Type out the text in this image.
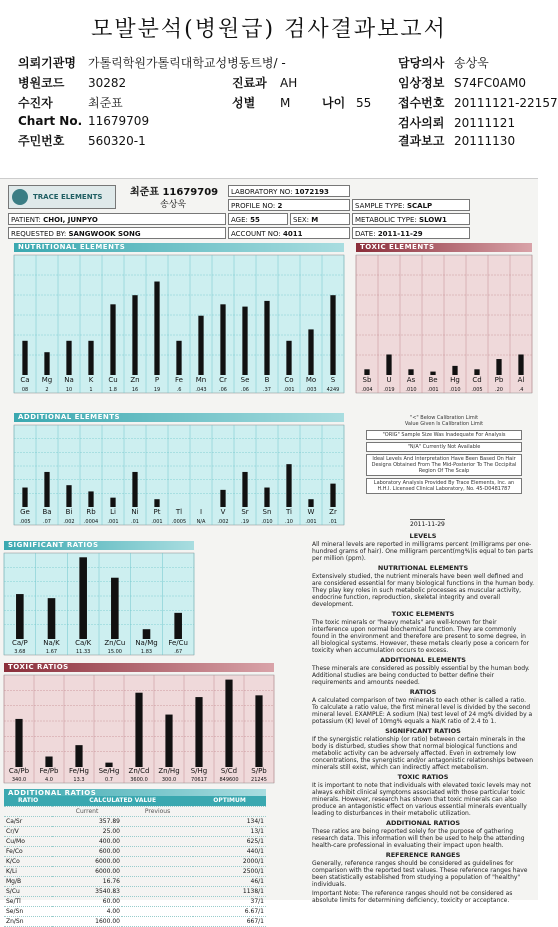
모발분석(병원급) 검사결과보고서
의뢰기관명 가톨릭학원가톨릭대학교성병동트병/ -	담당의사 송상욱
병원코드 30282	진료과 AH	임상정보 S74FC0AM0
수진자	최준표	성별 M	나이 55 접수번호 20111121-22157
Chart No. 11679709	검사의뢰 20111121
주민번호 560320-1	결과보고 20111130
TRACE ELEMENTS	최준표 11679709
송상욱
LABORATORY NO: 1072193
PROFILE NO: 2	SAMPLE TYPE: SCALP
PATIENT: CHOI, JUNPYO	AGE: 55	SEX: M	METABOLIC TYPE: SLOW1
REQUESTED BY: SANGWOOK SONG	ACCOUNT NO: 4011	DATE: 2011-11-29
NUTRITIONAL ELEMENTS	TOXIC ELEMENTS
ADDITIONAL ELEMENTS
SIGNIFICANT RATIOS
TOXIC RATIOS
ADDITIONAL RATIOS
Ca
08
Mg
2
Na
10
K
1
Cu
1.8
Zn
16
P
19
Fe
.6
Mn
.043
Cr
.06
Se
.06
B
.37
Co
.001
Mo
.003
S
4249
Sb
.004
U
.019
As
.010
Be
.001
Hg
.010
Cd
.005
Pb
.20
Al
.4
Ge
.005
Ba
.07
Bi
.002
Rb
.0004
Li
.001
Ni
.01
Pt
.001
Tl
.0005
I
N/A
V
.002
Sr
.19
Sn
.010
Ti
.10
W
.001
Zr
.01
Ca/P
3.68
Na/K
1.67
Ca/K
11.33
Zn/Cu
15.00
Na/Mg
1.83
Fe/Cu
.67
Ca/Pb
340.0
Fe/Pb
4.0
Fe/Hg
13.3
Se/Hg
0.7
Zn/Cd
3600.0
Zn/Hg
300.0
S/Hg
70617
S/Cd
849600
S/Pb
21245
"<" Below Calibration Limit
Value Given Is Calibration Limit
"ORIG" Sample Size Was Inadequate For Analysis
"N/A" Currently Not Available
Ideal Levels And Interpretation Have Been Based On Hair Designs Obtained From The Mid-Posterior To The Occipital Region Of The Scalp
Laboratory Analysis Provided By Trace Elements, Inc. an H.H.I. Licensed Clinical Laboratory, No. 45-D0481787
2011-11-29
LEVELS

All mineral levels are reported in milligrams percent (milligrams per one-hundred grams of hair). One milligram percent(mg%)is equal to ten parts per million (ppm).

NUTRITIONAL ELEMENTS

Extensively studied, the nutrient minerals have been well defined and are considered essential for many biological functions in the human body. They play key roles in such metabolic processes as muscular activity, endocrine function, reproduction, skeletal integrity and overall development.

TOXIC ELEMENTS

The toxic minerals or "heavy metals" are well-known for their interference upon normal biochemical function. They are commonly found in the environment and therefore are present to some degree, in all biological systems. However, these metals clearly pose a concern for toxicity when accumulation occurs to excess.

ADDITIONAL ELEMENTS

These minerals are considered as possibly essential by the human body. Additional studies are being conducted to better define their requirements and amounts needed.

RATIOS

A calculated comparison of two minerals to each other is called a ratio. To calculate a ratio value, the first mineral level is divided by the second mineral level. EXAMPLE: A sodium (Na) test level of 24 mg% divided by a potassium (K) level of 10mg% equals a Na/K ratio of 2.4 to 1.

SIGNIFICANT RATIOS

If the synergistic relationship (or ratio) between certain minerals in the body is disturbed, studies show that normal biological functions and metabolic activity can be adversely affected. Even in extremely low concentrations, the synergistic and/or antagonistic relationships between minerals still exist, which can indirectly affect metabolism.

TOXIC RATIOS

It is important to note that individuals with elevated toxic levels may not always exhibit clinical symptoms associated with those particular toxic minerals. However, research has shown that toxic minerals can also produce an antagonistic effect on various essential minerals eventually leading to disturbances in their metabolic utilization.

ADDITIONAL RATIOS

These ratios are being reported solely for the purpose of gathering research data. This information will then be used to help the attending health-care professional in evaluating their impact upon health.

REFERENCE RANGES

Generally, reference ranges should be considered as guidelines for comparison with the reported test values. These reference ranges have been statistically established from studying a population of "healthy" individuals.

Important Note: The reference ranges should not be considered as absolute limits for determining deficiency, toxicity or acceptance.

RATIO	CALCULATED VALUE		OPTIMUM
	Current	Previous	
Ca/Sr	357.89		134/1
Cr/V	25.00		13/1
Cu/Mo	400.00		625/1
Fe/Co	600.00		440/1
K/Co	6000.00		2000/1
K/Li	6000.00		2500/1
Mg/B	16.76		46/1
S/Cu	3540.83		1138/1
Se/Tl	60.00		37/1
Se/Sn	4.00		6.67/1
Zn/Sn	1600.00		667/1
